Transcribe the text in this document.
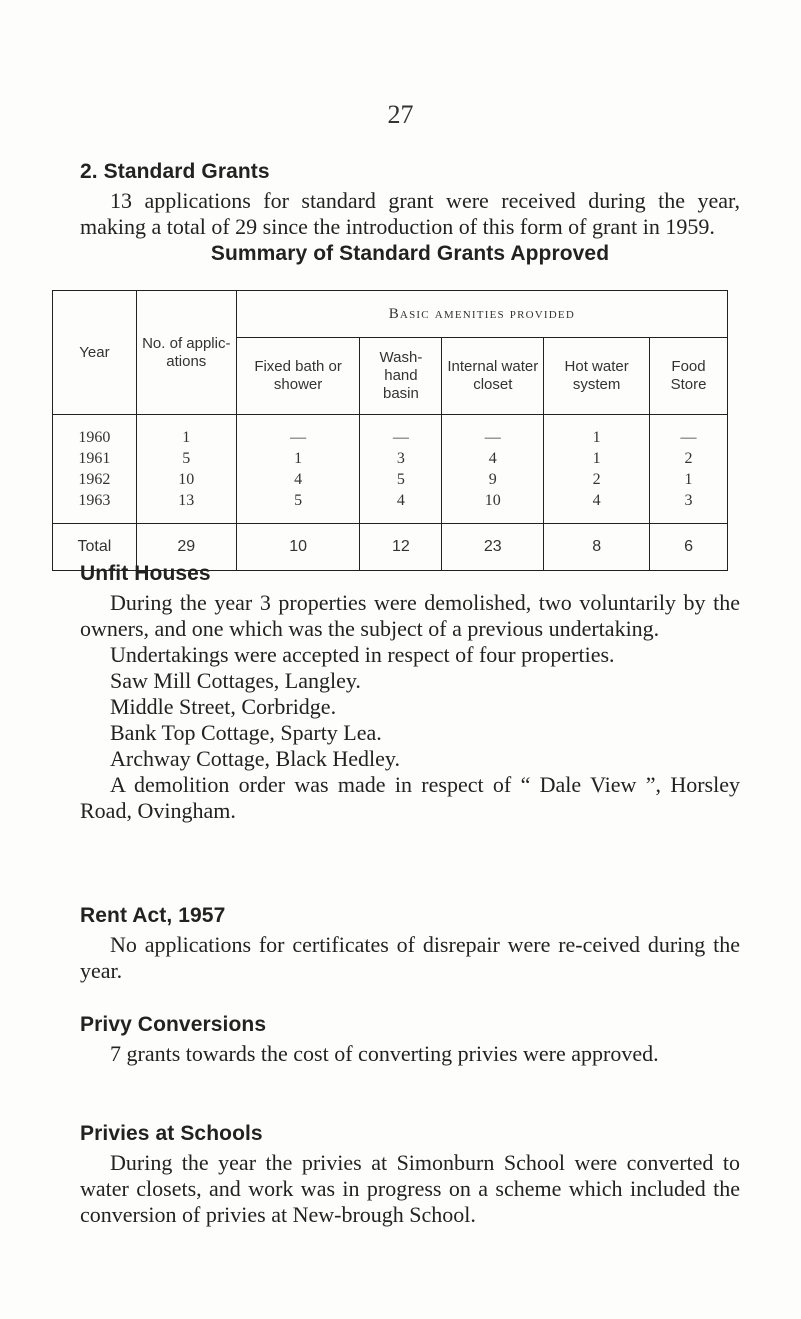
27
2. Standard Grants

13 applications for standard grant were received during the year, making a total of 29 since the introduction of this form of grant in 1959.

Summary of Standard Grants Approved
Year	No. of applic-ations	Basic amenities provided				
		Fixed bath or shower	Wash-hand basin	Internal water closet	Hot water system	Food Store
1960	1	—	—	—	1	—
1961	5	1	3	4	1	2
1962	10	4	5	9	2	1
1963	13	5	4	10	4	3
Total	29	10	12	23	8	6
Unfit Houses

During the year 3 properties were demolished, two voluntarily by the owners, and one which was the subject of a previous undertaking.

Undertakings were accepted in respect of four properties.

Saw Mill Cottages, Langley.
Middle Street, Corbridge.
Bank Top Cottage, Sparty Lea.
Archway Cottage, Black Hedley.

A demolition order was made in respect of “ Dale View ”, Horsley Road, Ovingham.

Rent Act, 1957

No applications for certificates of disrepair were re-ceived during the year.

Privy Conversions

7 grants towards the cost of converting privies were approved.

Privies at Schools

During the year the privies at Simonburn School were converted to water closets, and work was in progress on a scheme which included the conversion of privies at New-brough School.
